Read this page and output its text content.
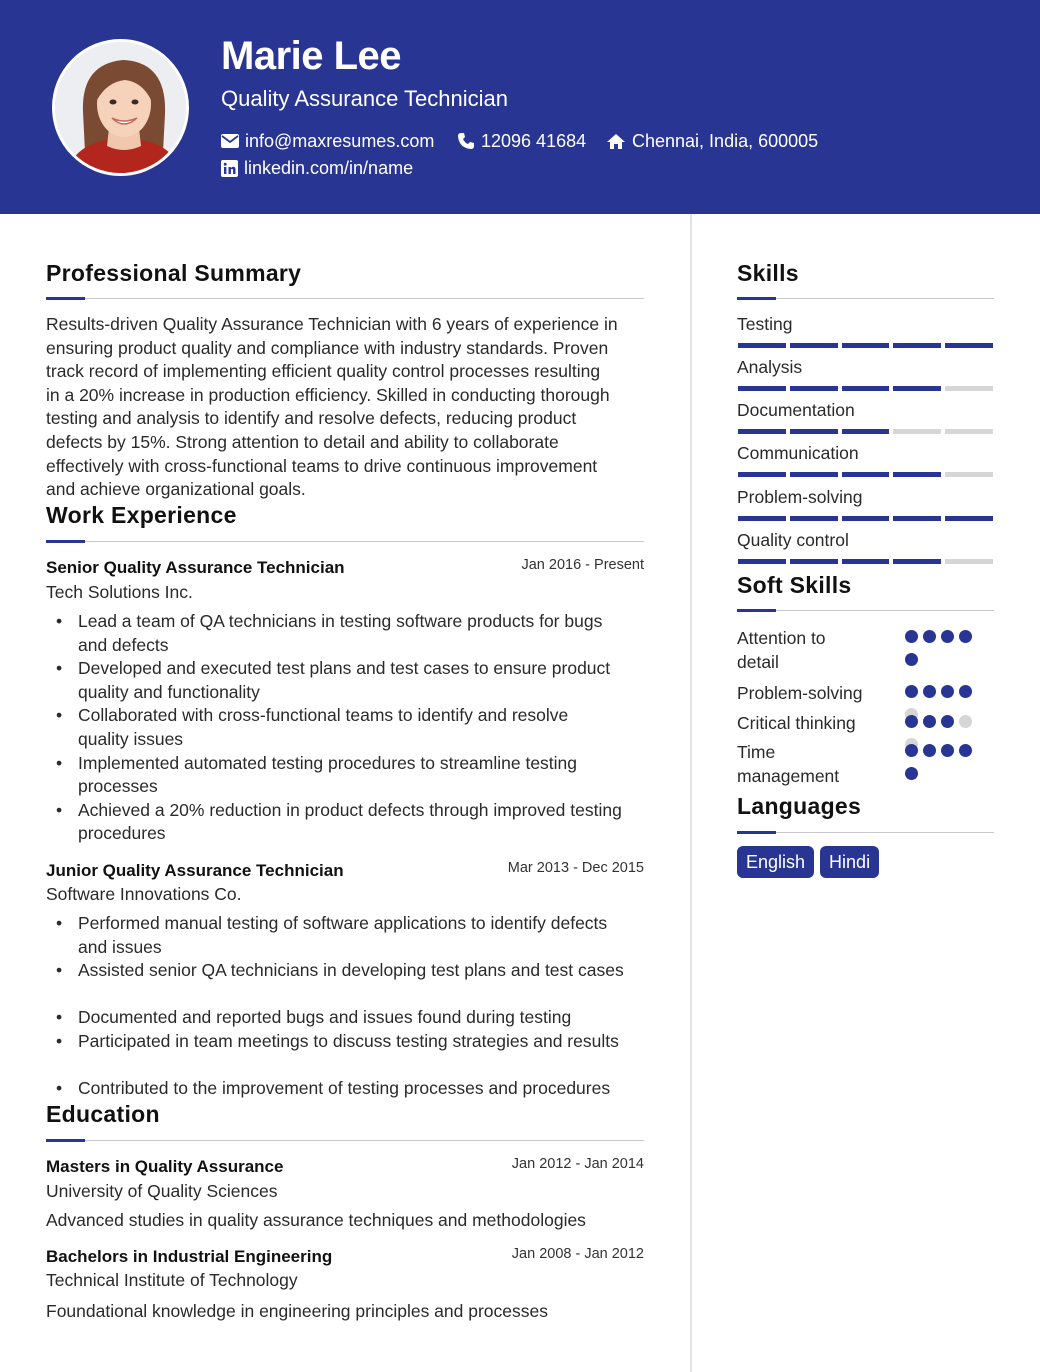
Marie Lee
Quality Assurance Technician
info@maxresumes.com	12096 41684	Chennai, India, 600005
linkedin.com/in/name
Professional Summary
Results-driven Quality Assurance Technician with 6 years of experience in
ensuring product quality and compliance with industry standards. Proven
track record of implementing efficient quality control processes resulting
in a 20% increase in production efficiency. Skilled in conducting thorough
testing and analysis to identify and resolve defects, reducing product
defects by 15%. Strong attention to detail and ability to collaborate
effectively with cross-functional teams to drive continuous improvement
and achieve organizational goals.
Work Experience
Senior Quality Assurance Technician	Jan 2016 - Present
Tech Solutions Inc.
• Lead a team of QA technicians in testing software products for bugs
and defects
• Developed and executed test plans and test cases to ensure product
quality and functionality
• Collaborated with cross-functional teams to identify and resolve
quality issues
• Implemented automated testing procedures to streamline testing
processes
• Achieved a 20% reduction in product defects through improved testing
procedures
Junior Quality Assurance Technician	Mar 2013 - Dec 2015
Software Innovations Co.
• Performed manual testing of software applications to identify defects
and issues
• Assisted senior QA technicians in developing test plans and test cases
• Documented and reported bugs and issues found during testing
• Participated in team meetings to discuss testing strategies and results
• Contributed to the improvement of testing processes and procedures
Education
Masters in Quality Assurance	Jan 2012 - Jan 2014
University of Quality Sciences
Advanced studies in quality assurance techniques and methodologies
Bachelors in Industrial Engineering	Jan 2008 - Jan 2012
Technical Institute of Technology
Foundational knowledge in engineering principles and processes
Skills
Testing
Analysis
Documentation
Communication
Problem-solving
Quality control
Soft Skills
Attention to
detail
Problem-solving
Critical thinking
Time
management
Languages
English	Hindi
